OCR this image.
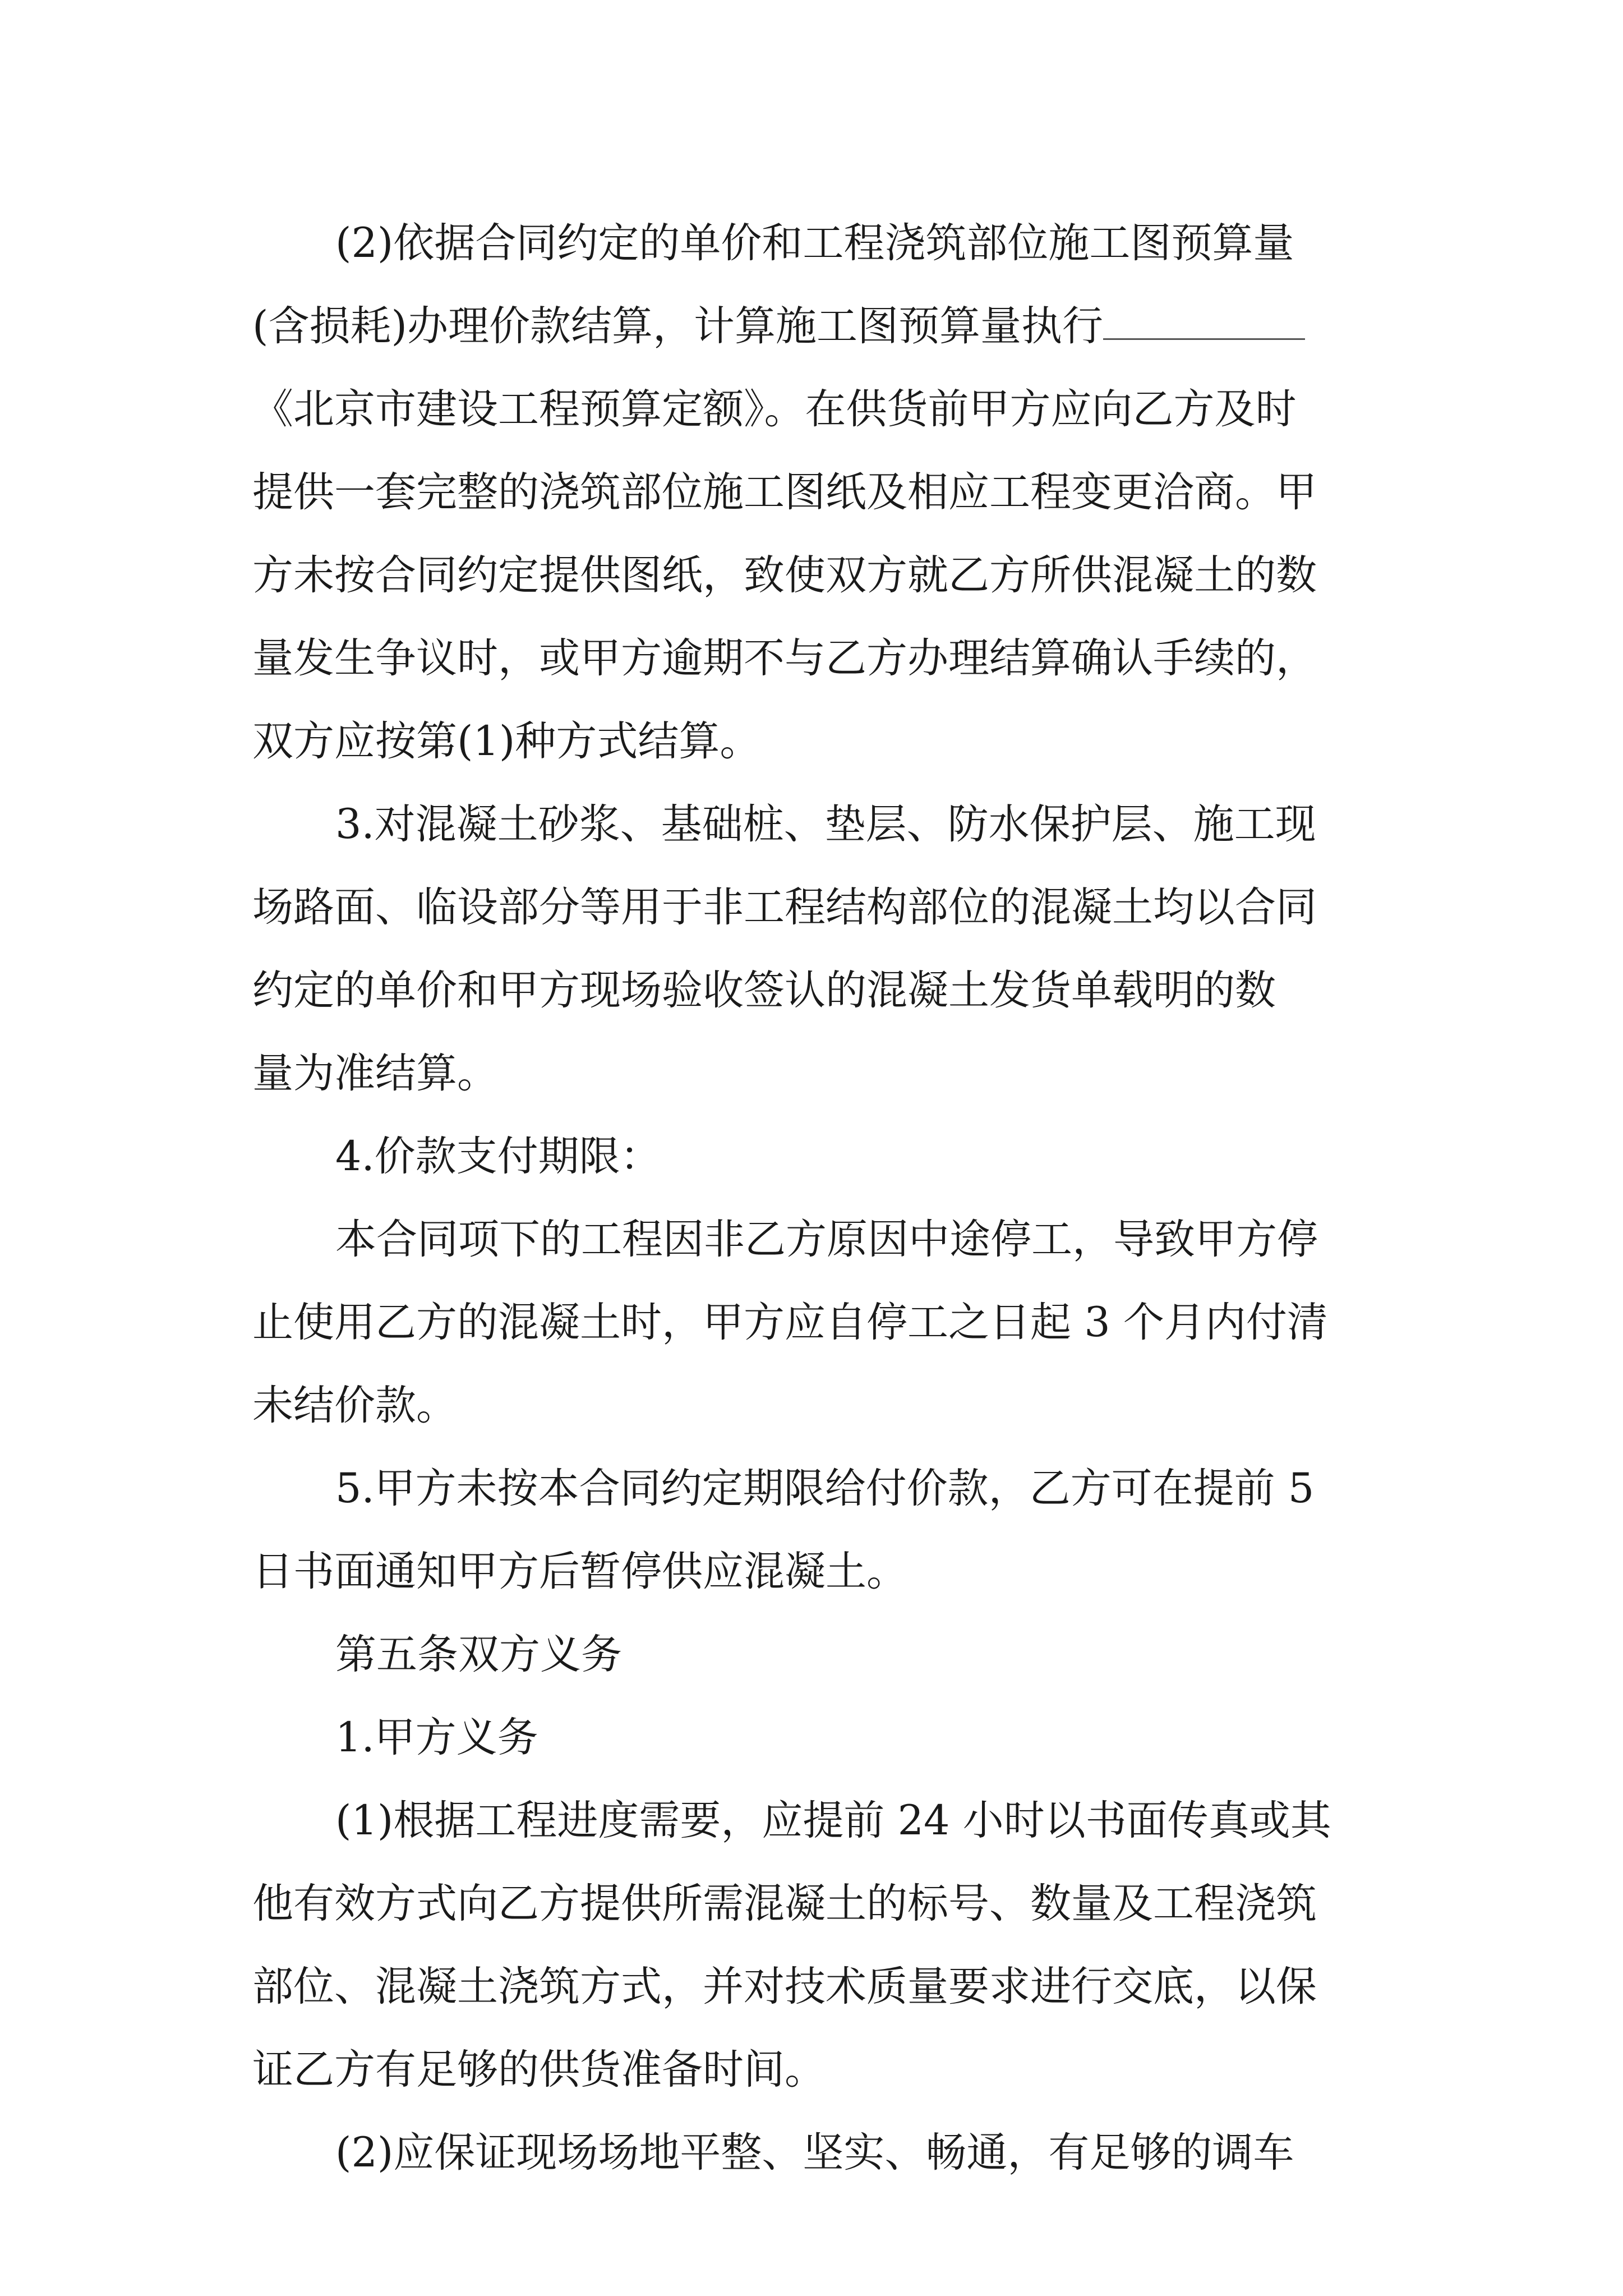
(2)依据合同约定的单价和工程浇筑部位施工图预算量
(含损耗)办理价款结算，计算施工图预算量执行
《北京市建设工程预算定额》。在供货前甲方应向乙方及时
提供一套完整的浇筑部位施工图纸及相应工程变更洽商。甲
方未按合同约定提供图纸，致使双方就乙方所供混凝土的数
量发生争议时，或甲方逾期不与乙方办理结算确认手续的，
双方应按第(1)种方式结算。
3.对混凝土砂浆、基础桩、垫层、防水保护层、施工现
场路面、临设部分等用于非工程结构部位的混凝土均以合同
约定的单价和甲方现场验收签认的混凝土发货单载明的数
量为准结算。
4.价款支付期限：
本合同项下的工程因非乙方原因中途停工，导致甲方停
止使用乙方的混凝土时，甲方应自停工之日起 3 个月内付清
未结价款。
5.甲方未按本合同约定期限给付价款，乙方可在提前 5
日书面通知甲方后暂停供应混凝土。
第五条双方义务
1.甲方义务
(1)根据工程进度需要，应提前 24 小时以书面传真或其
他有效方式向乙方提供所需混凝土的标号、数量及工程浇筑
部位、混凝土浇筑方式，并对技术质量要求进行交底，以保
证乙方有足够的供货准备时间。
(2)应保证现场场地平整、坚实、畅通，有足够的调车
